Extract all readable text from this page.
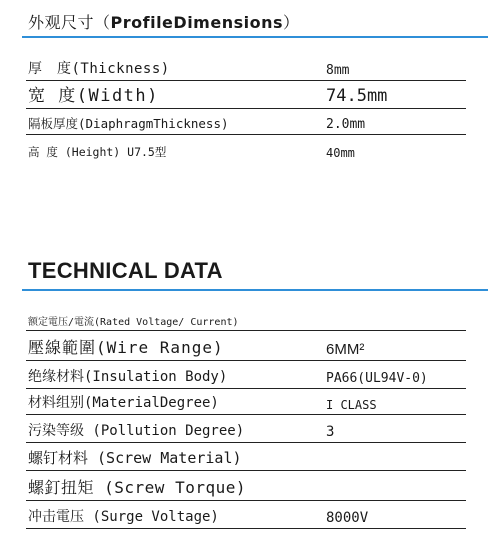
外观尺寸（ProfileDimensions）
厚　度(Thickness)	8mm
宽 度(Width)	74.5mm
隔板厚度(DiaphragmThickness)	2.0mm
高 度 (Height) U7.5型	40mm
TECHNICAL DATA
额定電压/電流(Rated Voltage/ Current)
壓線範圍(Wire Range)	6MM²
绝缘材料(Insulation Body)	PA66(UL94V-0)
材料组别(MaterialDegree)	I CLASS
污染等级 (Pollution Degree)	3
螺钉材料 (Screw Material)
螺釘扭矩 (Screw Torque)
冲击電压 (Surge Voltage)	8000V
